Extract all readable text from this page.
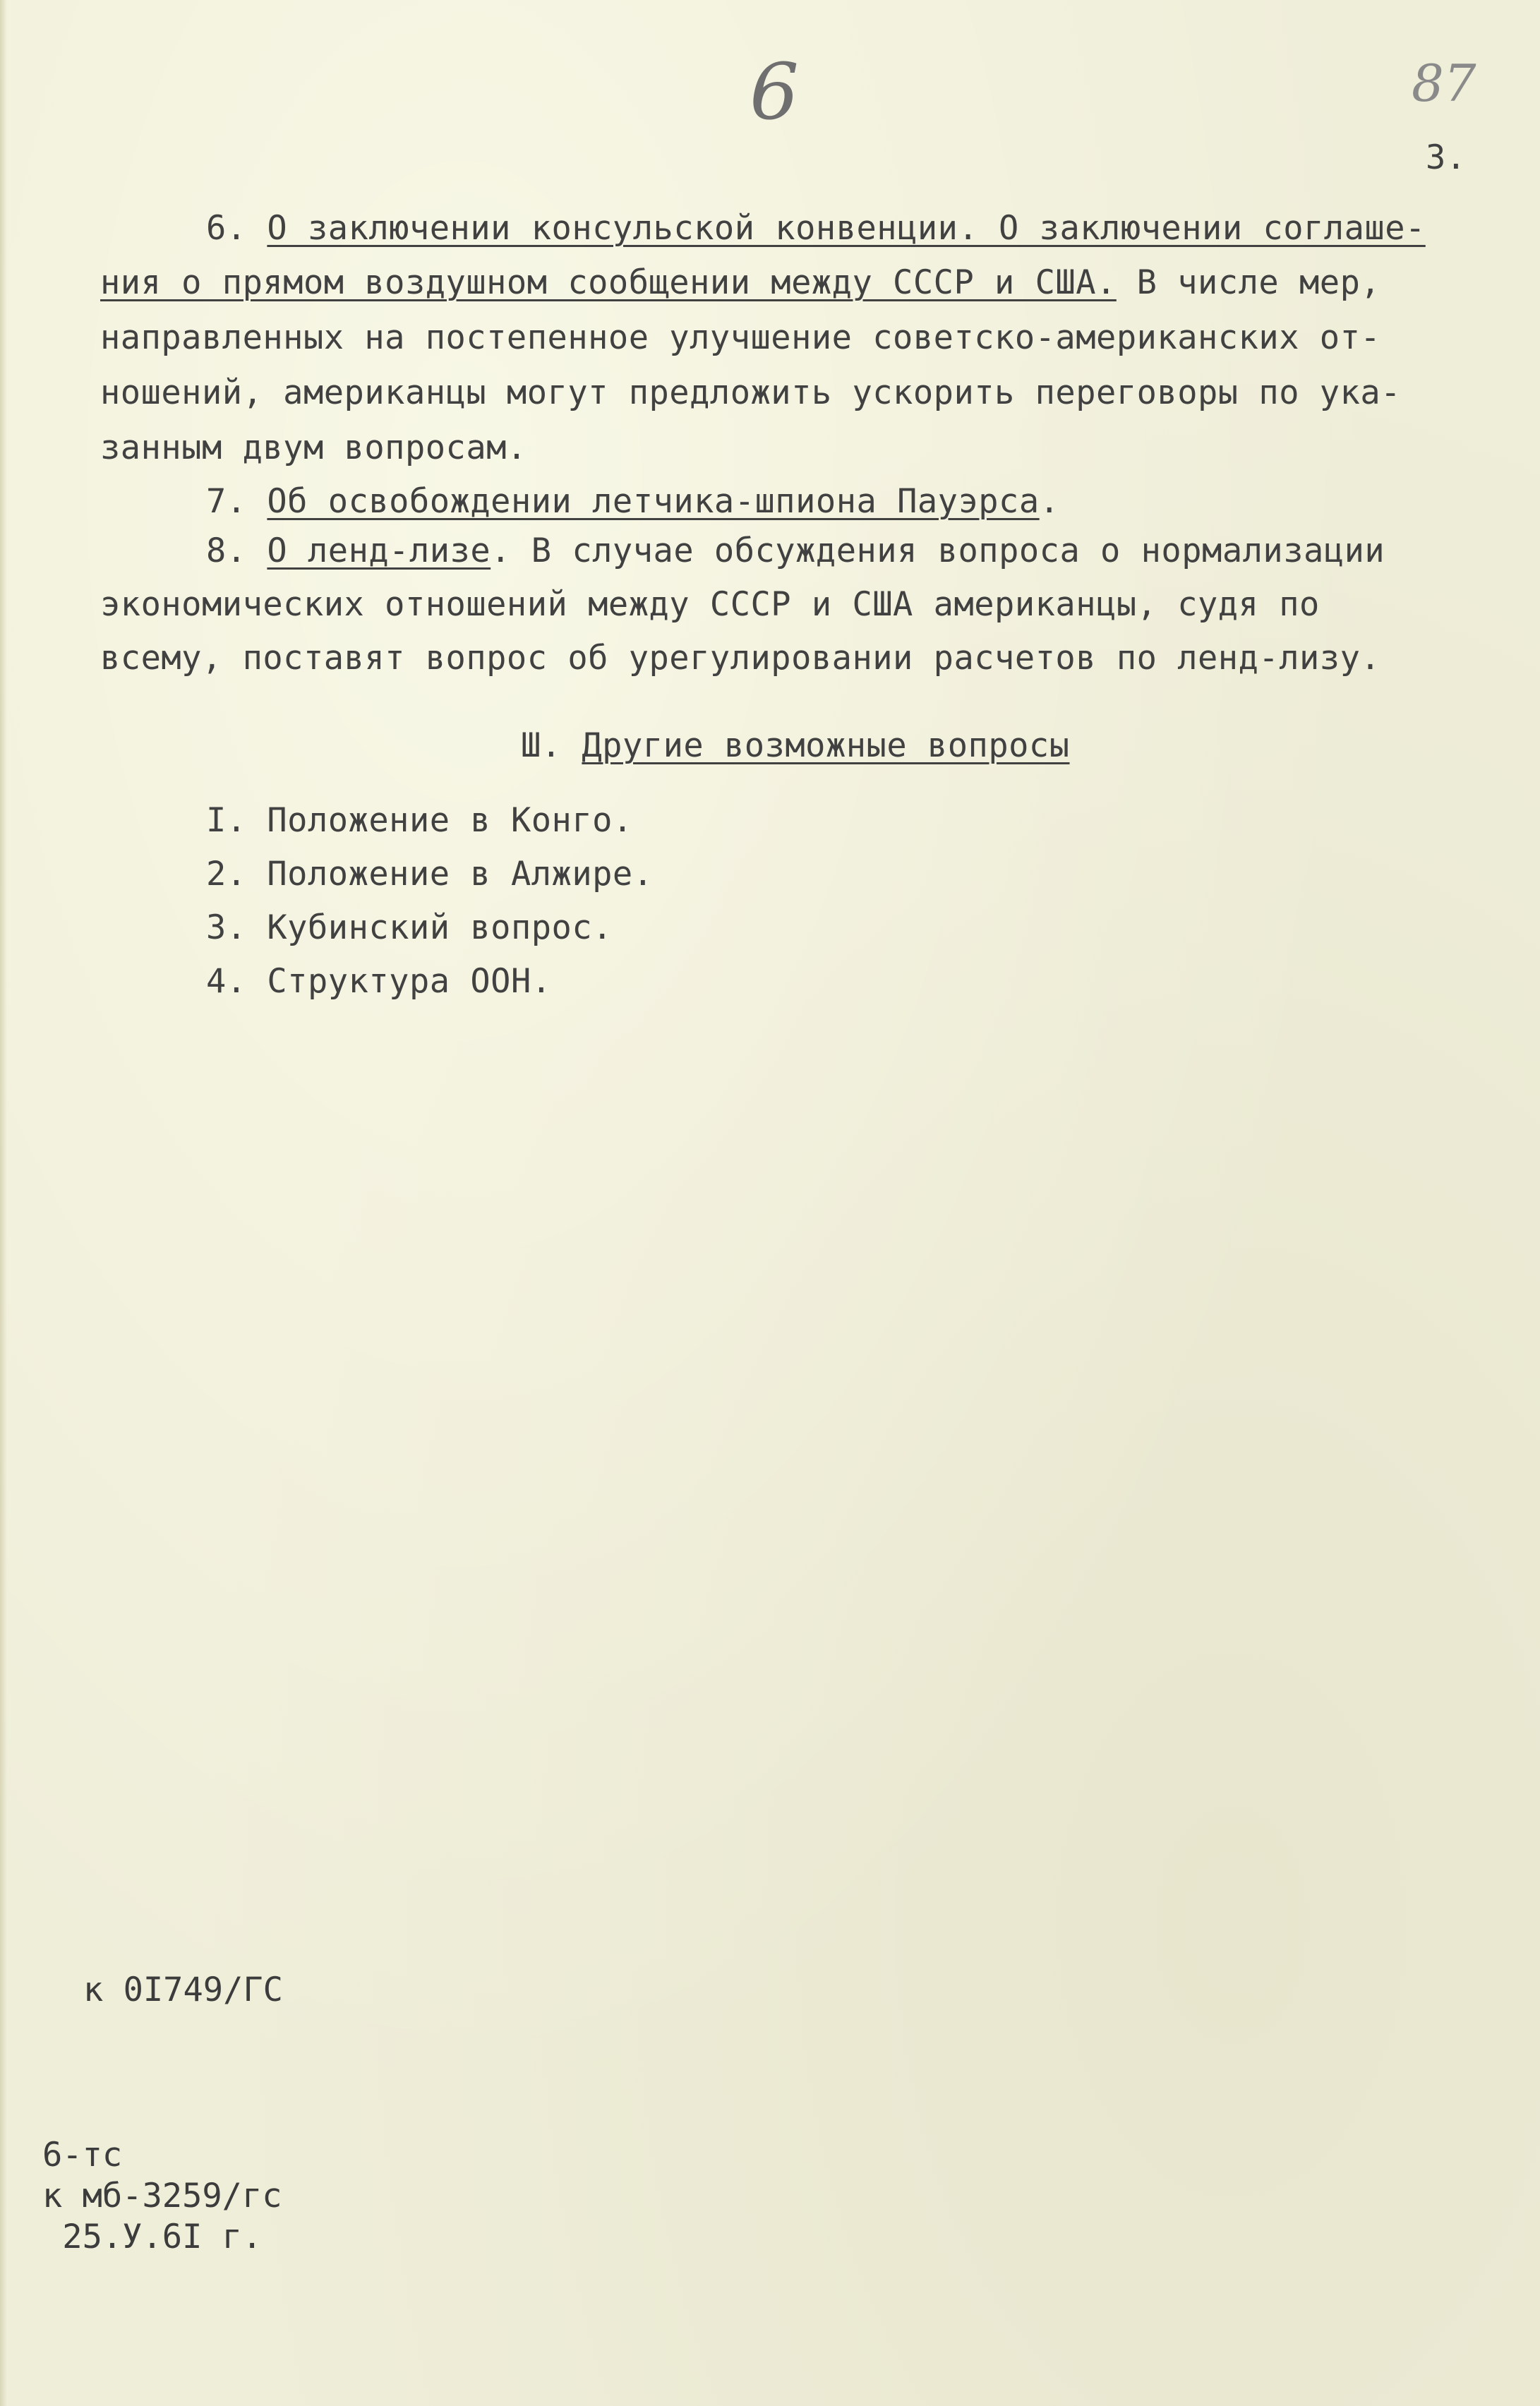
6	87
3.
6. О заключении консульской конвенции. О заключении соглаше-
ния о прямом воздушном сообщении между СССР и США. В числе мер,
направленных на постепенное улучшение советско-американских от-
ношений, американцы могут предложить ускорить переговоры по ука-
занным двум вопросам.
7. Об освобождении летчика-шпиона Пауэрса.
8. О ленд-лизе. В случае обсуждения вопроса о нормализации
экономических отношений между СССР и США американцы, судя по
всему, поставят вопрос об урегулировании расчетов по ленд-лизу.
Ш. Другие возможные вопросы
I. Положение в Конго.
2. Положение в Алжире.
3. Кубинский вопрос.
4. Структура ООН.
к 0I749/ГС
6-тс
к мб-3259/гс
25.У.6I г.
